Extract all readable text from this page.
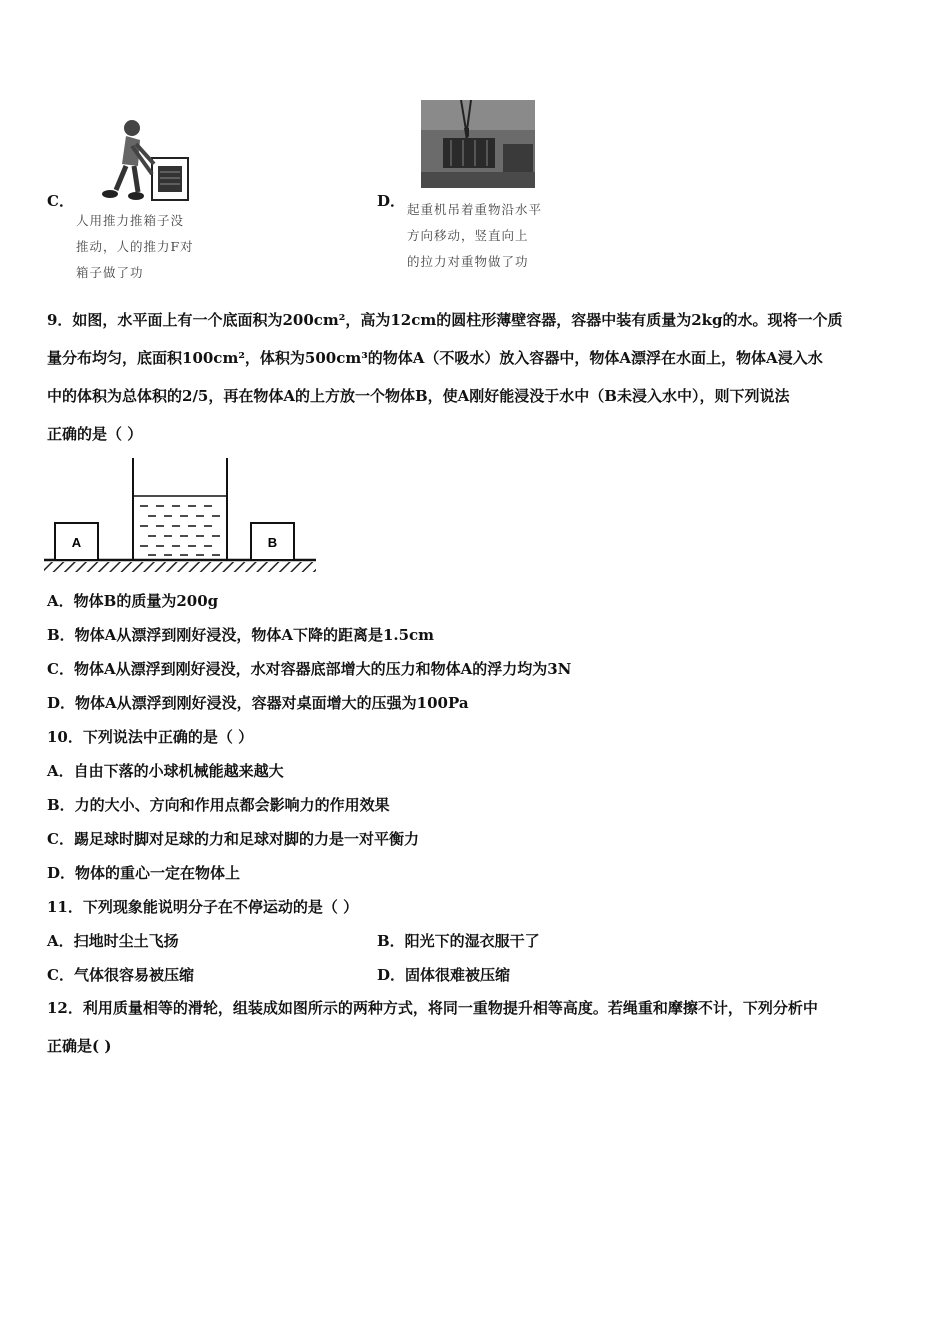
C．
人用推力推箱子没
推动，人的推力F对
箱子做了功
D． 起重机吊着重物沿水平
方向移动，竖直向上
的拉力对重物做了功
9．如图，水平面上有一个底面积为200cm²，高为12cm的圆柱形薄壁容器，容器中装有质量为2kg的水。现将一个质
量分布均匀，底面积100cm²，体积为500cm³的物体A（不吸水）放入容器中，物体A漂浮在水面上，物体A浸入水
中的体积为总体积的2/5，再在物体A的上方放一个物体B，使A刚好能浸没于水中（B未浸入水中），则下列说法
正确的是（ ）
A	B
A．物体B的质量为200g
B．物体A从漂浮到刚好浸没，物体A下降的距离是1.5cm
C．物体A从漂浮到刚好浸没，水对容器底部增大的压力和物体A的浮力均为3N
D．物体A从漂浮到刚好浸没，容器对桌面增大的压强为100Pa
10．下列说法中正确的是（ ）
A．自由下落的小球机械能越来越大
B．力的大小、方向和作用点都会影响力的作用效果
C．踢足球时脚对足球的力和足球对脚的力是一对平衡力
D．物体的重心一定在物体上
11．下列现象能说明分子在不停运动的是（ ）
A．扫地时尘土飞扬	B．阳光下的湿衣服干了
C．气体很容易被压缩	D．固体很难被压缩
12．利用质量相等的滑轮，组装成如图所示的两种方式，将同一重物提升相等高度。若绳重和摩擦不计，下列分析中
正确是( )
